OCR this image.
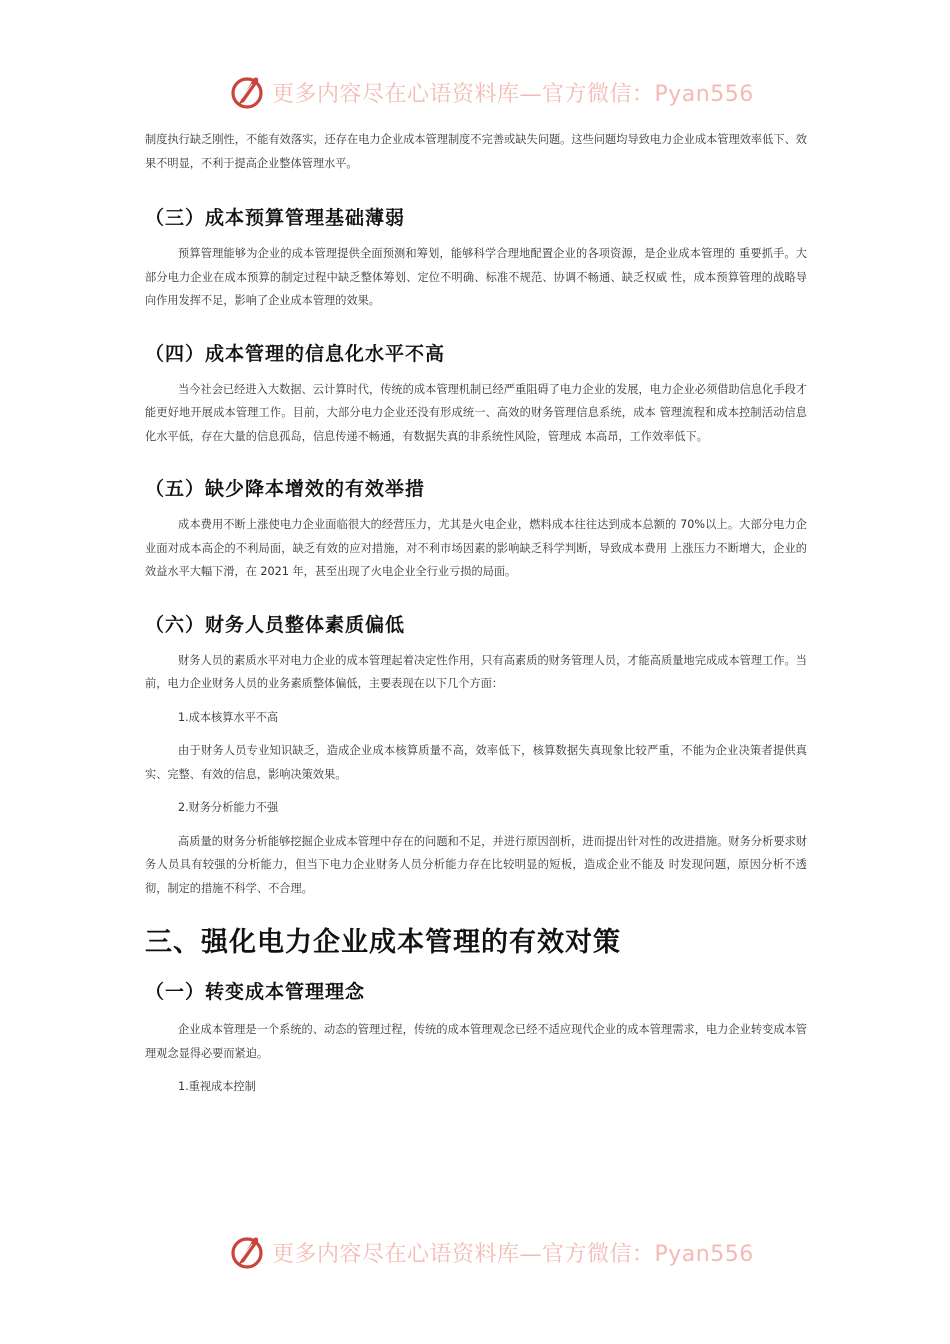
更多内容尽在心语资料库—官方微信：Pyan556

制度执行缺乏刚性，不能有效落实，还存在电力企业成本管理制度不完善或缺失问题。这些问题均导致电力企业成本管理效率低下、效果不明显，不利于提高企业整体管理水平。

（三）成本预算管理基础薄弱

预算管理能够为企业的成本管理提供全面预测和筹划，能够科学合理地配置企业的各项资源，是企业成本管理的 重要抓手。大部分电力企业在成本预算的制定过程中缺乏整体筹划、定位不明确、标准不规范、协调不畅通、缺乏权威 性，成本预算管理的战略导向作用发挥不足，影响了企业成本管理的效果。

（四）成本管理的信息化水平不高

当今社会已经进入大数据、云计算时代，传统的成本管理机制已经严重阻碍了电力企业的发展，电力企业必须借助信息化手段才能更好地开展成本管理工作。目前，大部分电力企业还没有形成统一、高效的财务管理信息系统，成本 管理流程和成本控制活动信息化水平低，存在大量的信息孤岛，信息传递不畅通，有数据失真的非系统性风险，管理成 本高昂，工作效率低下。

（五）缺少降本增效的有效举措

成本费用不断上涨使电力企业面临很大的经营压力，尤其是火电企业，燃料成本往往达到成本总额的 70%以上。大部分电力企业面对成本高企的不利局面，缺乏有效的应对措施，对不利市场因素的影响缺乏科学判断，导致成本费用 上涨压力不断增大，企业的效益水平大幅下滑，在 2021 年，甚至出现了火电企业全行业亏损的局面。

（六）财务人员整体素质偏低

财务人员的素质水平对电力企业的成本管理起着决定性作用，只有高素质的财务管理人员，才能高质量地完成成本管理工作。当前，电力企业财务人员的业务素质整体偏低，主要表现在以下几个方面：

1.成本核算水平不高

由于财务人员专业知识缺乏，造成企业成本核算质量不高，效率低下，核算数据失真现象比较严重，不能为企业决策者提供真实、完整、有效的信息，影响决策效果。

2.财务分析能力不强

高质量的财务分析能够挖掘企业成本管理中存在的问题和不足，并进行原因剖析，进而提出针对性的改进措施。财务分析要求财务人员具有较强的分析能力，但当下电力企业财务人员分析能力存在比较明显的短板，造成企业不能及 时发现问题，原因分析不透彻，制定的措施不科学、不合理。

三、强化电力企业成本管理的有效对策
（一）转变成本管理理念

企业成本管理是一个系统的、动态的管理过程，传统的成本管理观念已经不适应现代企业的成本管理需求，电力企业转变成本管理观念显得必要而紧迫。

1.重视成本控制

更多内容尽在心语资料库—官方微信：Pyan556
